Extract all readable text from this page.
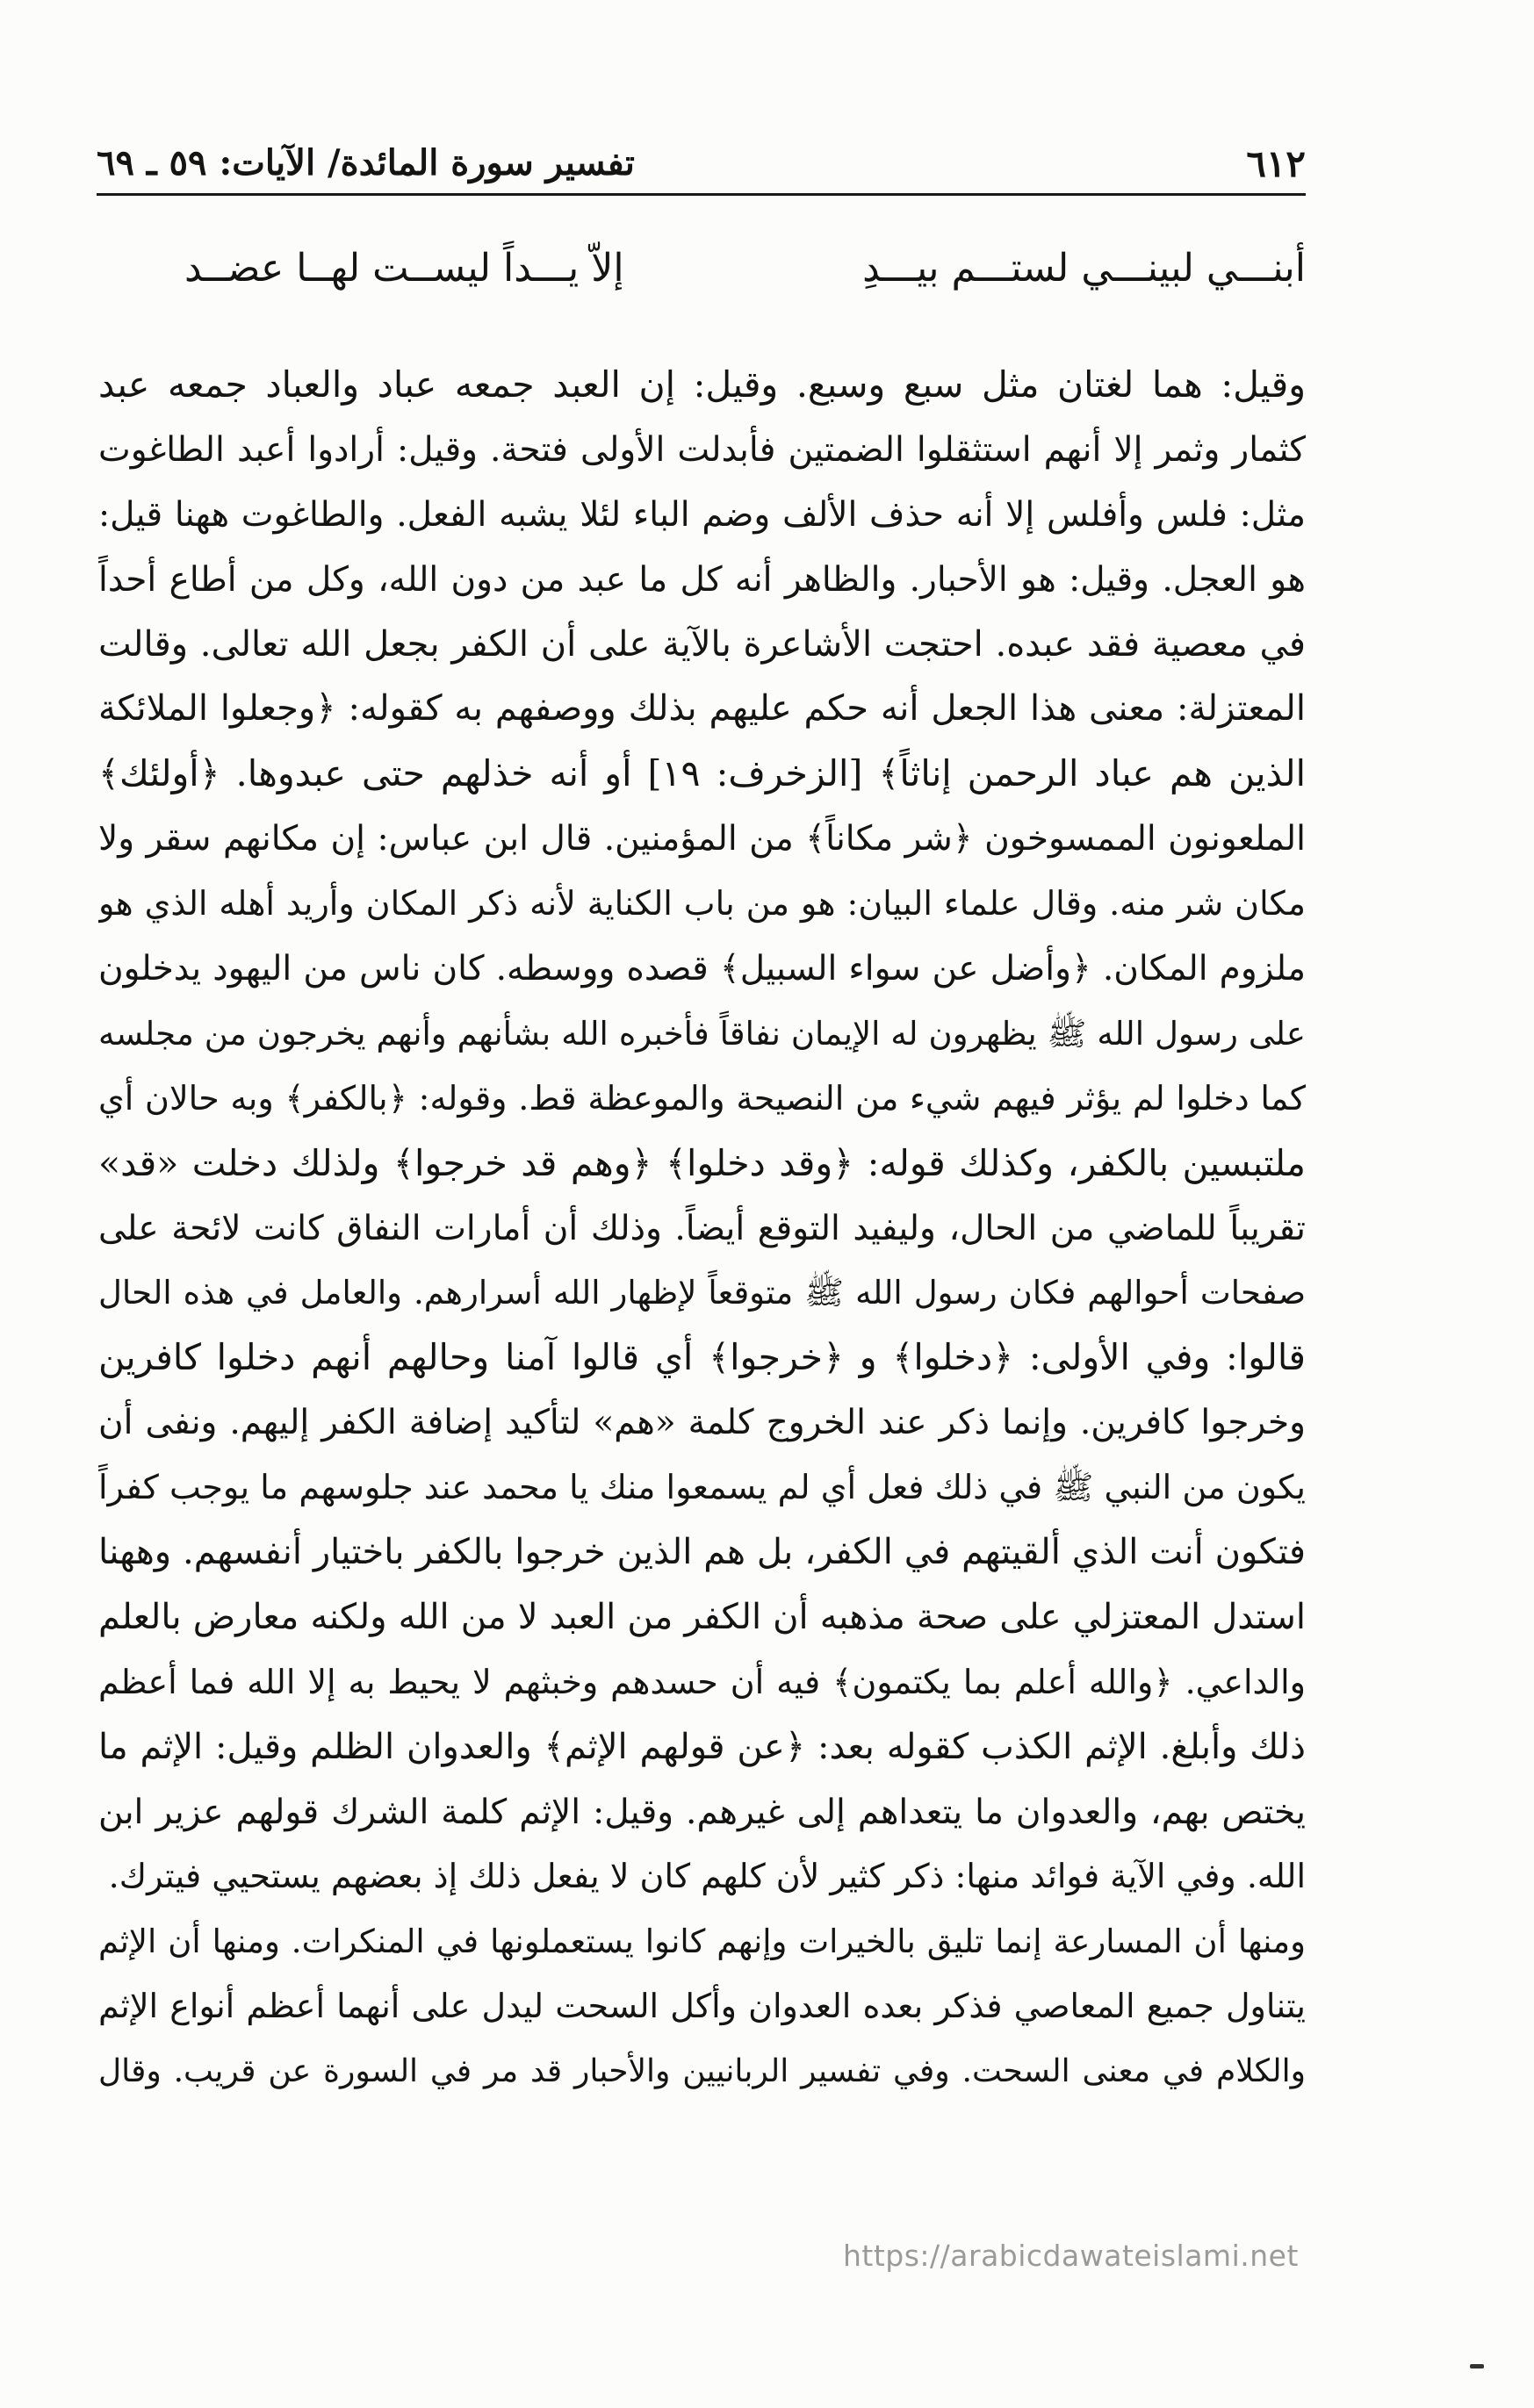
٦١٢
تفسير سورة المائدة/ الآيات: ٥٩ ـ ٦٩
أبنـــي لبينـــي لستـــم بيـــدِ
إلاّ يـــداً ليســت لهــا عضــد
وقيل: هما لغتان مثل سبع وسبع. وقيل: إن العبد جمعه عباد والعباد جمعه عبد
كثمار وثمر إلا أنهم استثقلوا الضمتين فأبدلت الأولى فتحة. وقيل: أرادوا أعبد الطاغوت
مثل: فلس وأفلس إلا أنه حذف الألف وضم الباء لئلا يشبه الفعل. والطاغوت ههنا قيل:
هو العجل. وقيل: هو الأحبار. والظاهر أنه كل ما عبد من دون الله، وكل من أطاع أحداً
في معصية فقد عبده. احتجت الأشاعرة بالآية على أن الكفر بجعل الله تعالى. وقالت
المعتزلة: معنى هذا الجعل أنه حكم عليهم بذلك ووصفهم به كقوله: ﴿وجعلوا الملائكة
الذين هم عباد الرحمن إناثاً﴾ [الزخرف: ١٩] أو أنه خذلهم حتى عبدوها. ﴿أولئك﴾
الملعونون الممسوخون ﴿شر مكاناً﴾ من المؤمنين. قال ابن عباس: إن مكانهم سقر ولا
مكان شر منه. وقال علماء البيان: هو من باب الكناية لأنه ذكر المكان وأريد أهله الذي هو
ملزوم المكان. ﴿وأضل عن سواء السبيل﴾ قصده ووسطه. كان ناس من اليهود يدخلون
على رسول الله ﷺ يظهرون له الإيمان نفاقاً فأخبره الله بشأنهم وأنهم يخرجون من مجلسه
كما دخلوا لم يؤثر فيهم شيء من النصيحة والموعظة قط. وقوله: ﴿بالكفر﴾ وبه حالان أي
ملتبسين بالكفر، وكذلك قوله: ﴿وقد دخلوا﴾ ﴿وهم قد خرجوا﴾ ولذلك دخلت «قد»
تقريباً للماضي من الحال، وليفيد التوقع أيضاً. وذلك أن أمارات النفاق كانت لائحة على
صفحات أحوالهم فكان رسول الله ﷺ متوقعاً لإظهار الله أسرارهم. والعامل في هذه الحال
قالوا: وفي الأولى: ﴿دخلوا﴾ و ﴿خرجوا﴾ أي قالوا آمنا وحالهم أنهم دخلوا كافرين
وخرجوا كافرين. وإنما ذكر عند الخروج كلمة «هم» لتأكيد إضافة الكفر إليهم. ونفى أن
يكون من النبي ﷺ في ذلك فعل أي لم يسمعوا منك يا محمد عند جلوسهم ما يوجب كفراً
فتكون أنت الذي ألقيتهم في الكفر، بل هم الذين خرجوا بالكفر باختيار أنفسهم. وههنا
استدل المعتزلي على صحة مذهبه أن الكفر من العبد لا من الله ولكنه معارض بالعلم
والداعي. ﴿والله أعلم بما يكتمون﴾ فيه أن حسدهم وخبثهم لا يحيط به إلا الله فما أعظم
ذلك وأبلغ. الإثم الكذب كقوله بعد: ﴿عن قولهم الإثم﴾ والعدوان الظلم وقيل: الإثم ما
يختص بهم، والعدوان ما يتعداهم إلى غيرهم. وقيل: الإثم كلمة الشرك قولهم عزير ابن
الله. وفي الآية فوائد منها: ذكر كثير لأن كلهم كان لا يفعل ذلك إذ بعضهم يستحيي فيترك.
ومنها أن المسارعة إنما تليق بالخيرات وإنهم كانوا يستعملونها في المنكرات. ومنها أن الإثم
يتناول جميع المعاصي فذكر بعده العدوان وأكل السحت ليدل على أنهما أعظم أنواع الإثم
والكلام في معنى السحت. وفي تفسير الربانيين والأحبار قد مر في السورة عن قريب. وقال
https://arabicdawateislami.net
